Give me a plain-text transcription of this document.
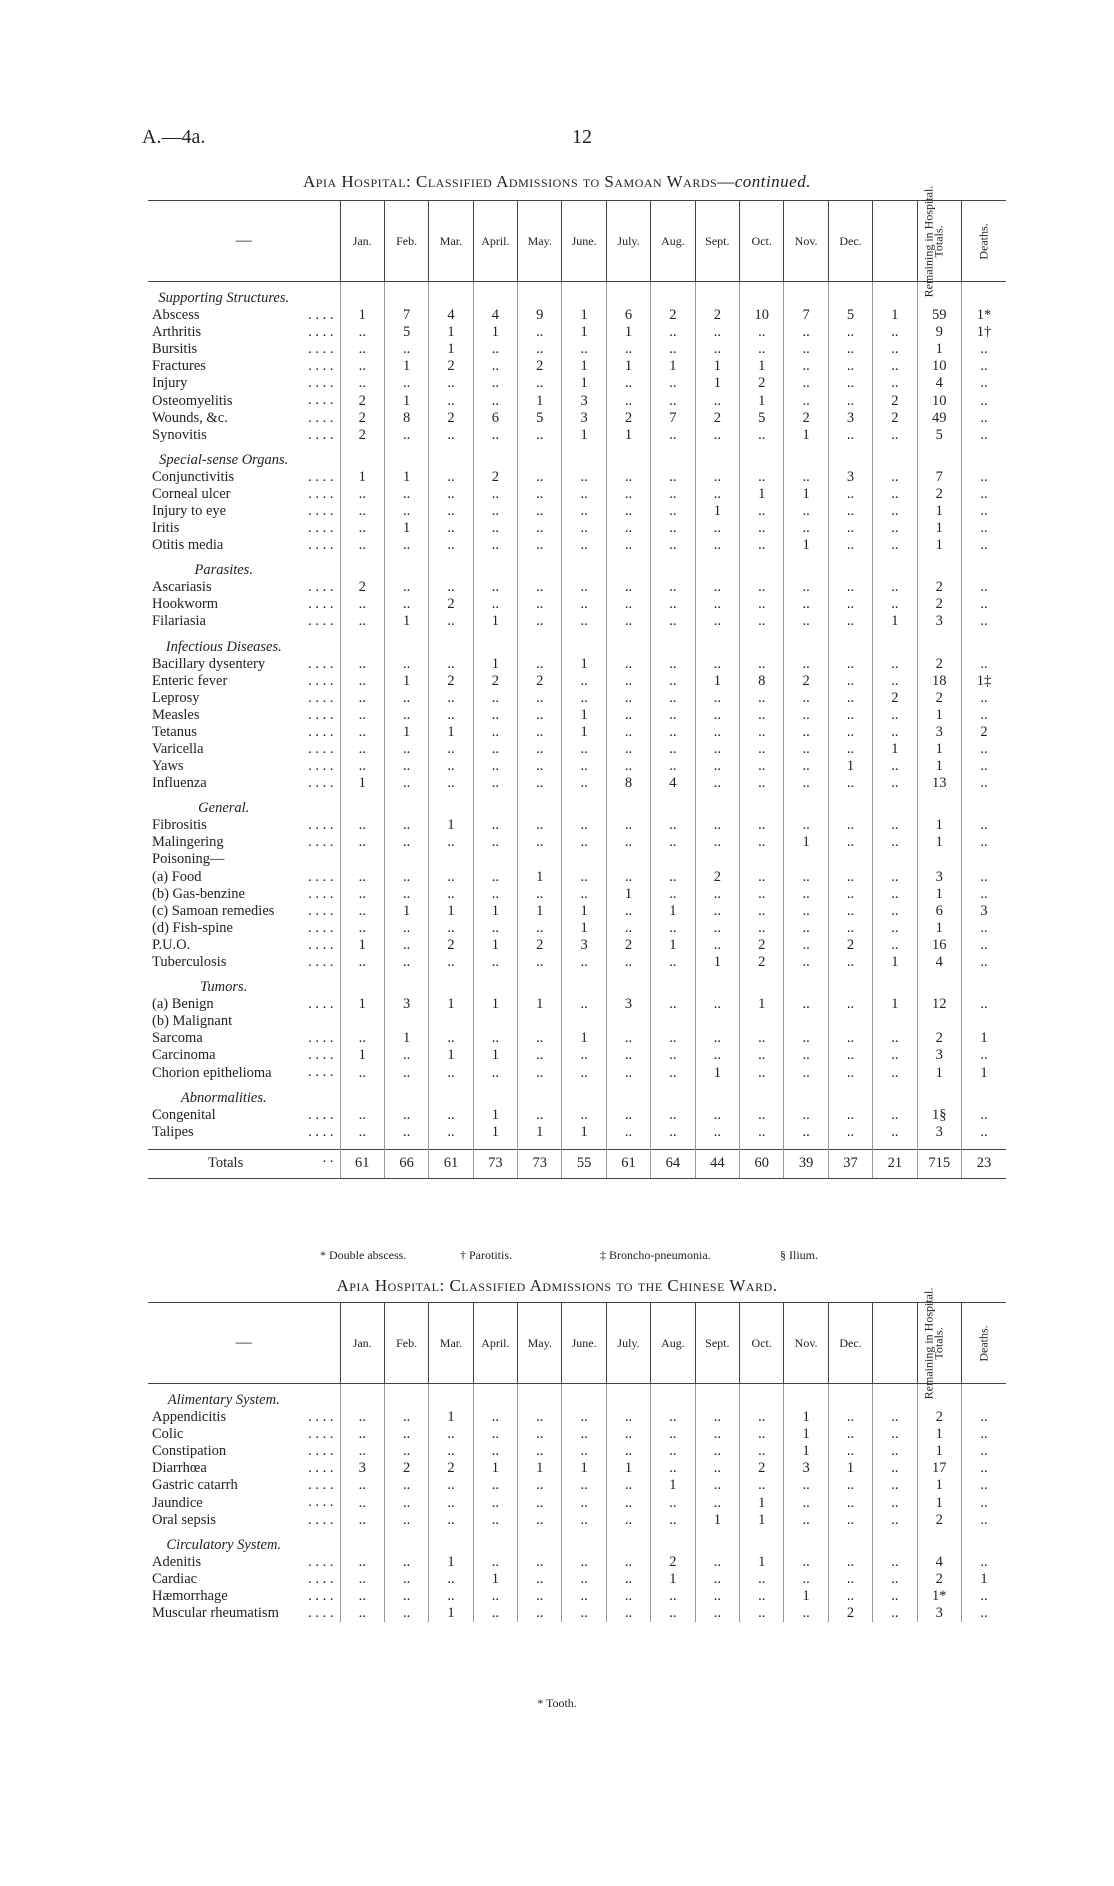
A.—4a.	12
Apia Hospital: Classified Admissions to Samoan Wards—continued.
—	Jan.	Feb.	Mar.	April.	May.	June.	July.	Aug.	Sept.	Oct.	Nov.	Dec.	Remaining in Hospital.	Totals.	Deaths.
Supporting Structures.															
Abscess . . . .	1	7	4	4	9	1	6	2	2	10	7	5	1	59	1*
Arthritis . . . .	..	5	1	1	..	1	1	..	..	..	..	..	..	9	1†
Bursitis . . . .	..	..	1	..	..	..	..	..	..	..	..	..	..	1	..
Fractures . . . .	..	1	2	..	2	1	1	1	1	1	..	..	..	10	..
Injury . . . .	..	..	..	..	..	1	..	..	1	2	..	..	..	4	..
Osteomyelitis . . . .	2	1	..	..	1	3	..	..	..	1	..	..	2	10	..
Wounds, &c. . . . .	2	8	2	6	5	3	2	7	2	5	2	3	2	49	..
Synovitis . . . .	2	..	..	..	..	1	1	..	..	..	1	..	..	5	..
Special-sense Organs.															
Conjunctivitis . . . .	1	1	..	2	..	..	..	..	..	..	..	3	..	7	..
Corneal ulcer . . . .	..	..	..	..	..	..	..	..	..	1	1	..	..	2	..
Injury to eye . . . .	..	..	..	..	..	..	..	..	1	..	..	..	..	1	..
Iritis . . . .	..	1	..	..	..	..	..	..	..	..	..	..	..	1	..
Otitis media . . . .	..	..	..	..	..	..	..	..	..	..	1	..	..	1	..
Parasites.															
Ascariasis . . . .	2	..	..	..	..	..	..	..	..	..	..	..	..	2	..
Hookworm . . . .	..	..	2	..	..	..	..	..	..	..	..	..	..	2	..
Filariasia . . . .	..	1	..	1	..	..	..	..	..	..	..	..	1	3	..
Infectious Diseases.															
Bacillary dysentery . . . .	..	..	..	1	..	1	..	..	..	..	..	..	..	2	..
Enteric fever . . . .	..	1	2	2	2	..	..	..	1	8	2	..	..	18	1‡
Leprosy . . . .	..	..	..	..	..	..	..	..	..	..	..	..	2	2	..
Measles . . . .	..	..	..	..	..	1	..	..	..	..	..	..	..	1	..
Tetanus . . . .	..	1	1	..	..	1	..	..	..	..	..	..	..	3	2
Varicella . . . .	..	..	..	..	..	..	..	..	..	..	..	..	1	1	..
Yaws . . . .	..	..	..	..	..	..	..	..	..	..	..	1	..	1	..
Influenza . . . .	1	..	..	..	..	..	8	4	..	..	..	..	..	13	..
General.															
Fibrositis . . . .	..	..	1	..	..	..	..	..	..	..	..	..	..	1	..
Malingering . . . .	..	..	..	..	..	..	..	..	..	..	1	..	..	1	..
Poisoning—															
(a) Food . . . .	..	..	..	..	1	..	..	..	2	..	..	..	..	3	..
(b) Gas-benzine . . . .	..	..	..	..	..	..	1	..	..	..	..	..	..	1	..
(c) Samoan remedies . . . .	..	1	1	1	1	1	..	1	..	..	..	..	..	6	3
(d) Fish-spine . . . .	..	..	..	..	..	1	..	..	..	..	..	..	..	1	..
P.U.O. . . . .	1	..	2	1	2	3	2	1	..	2	..	2	..	16	..
Tuberculosis . . . .	..	..	..	..	..	..	..	..	1	2	..	..	1	4	..
Tumors.															
(a) Benign . . . .	1	3	1	1	1	..	3	..	..	1	..	..	1	12	..
(b) Malignant															
Sarcoma . . . .	..	1	..	..	..	1	..	..	..	..	..	..	..	2	1
Carcinoma . . . .	1	..	1	1	..	..	..	..	..	..	..	..	..	3	..
Chorion epithelioma . . . .	..	..	..	..	..	..	..	..	1	..	..	..	..	1	1
Abnormalities.															
Congenital . . . .	..	..	..	1	..	..	..	..	..	..	..	..	..	1§	..
Talipes . . . .	..	..	..	1	1	1	..	..	..	..	..	..	..	3	..

Totals . .	61	66	61	73	73	55	61	64	44	60	39	37	21	715	23
* Double abscess.	† Parotitis.	‡ Broncho-pneumonia.	§ Ilium.
Apia Hospital: Classified Admissions to the Chinese Ward.
—	Jan.	Feb.	Mar.	April.	May.	June.	July.	Aug.	Sept.	Oct.	Nov.	Dec.	Remaining in Hospital.	Totals.	Deaths.
Alimentary System.															
Appendicitis . . . .	..	..	1	..	..	..	..	..	..	..	1	..	..	2	..
Colic . . . .	..	..	..	..	..	..	..	..	..	..	1	..	..	1	..
Constipation . . . .	..	..	..	..	..	..	..	..	..	..	1	..	..	1	..
Diarrhœa . . . .	3	2	2	1	1	1	1	..	..	2	3	1	..	17	..
Gastric catarrh . . . .	..	..	..	..	..	..	..	1	..	..	..	..	..	1	..
Jaundice . . . .	..	..	..	..	..	..	..	..	..	1	..	..	..	1	..
Oral sepsis . . . .	..	..	..	..	..	..	..	..	1	1	..	..	..	2	..
Circulatory System.															
Adenitis . . . .	..	..	1	..	..	..	..	2	..	1	..	..	..	4	..
Cardiac . . . .	..	..	..	1	..	..	..	1	..	..	..	..	..	2	1
Hæmorrhage . . . .	..	..	..	..	..	..	..	..	..	..	1	..	..	1*	..
Muscular rheumatism . . . .	..	..	1	..	..	..	..	..	..	..	..	2	..	3	..
* Tooth.
